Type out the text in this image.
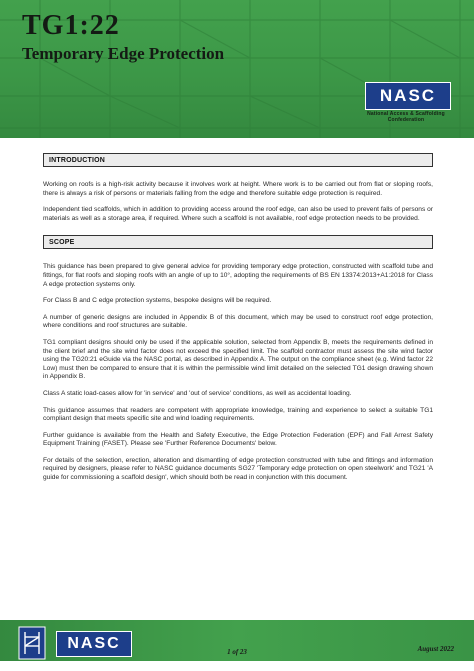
TG1:22
Temporary Edge Protection
NASC
National Access & Scaffolding
Confederation
INTRODUCTION

Working on roofs is a high-risk activity because it involves work at height. Where work is to be carried out from flat or sloping roofs, there is always a risk of persons or materials falling from the edge and therefore suitable edge protection is required.

Independent tied scaffolds, which in addition to providing access around the roof edge, can also be used to prevent falls of persons or materials as well as a storage area, if required. Where such a scaffold is not available, roof edge protection needs to be provided.

SCOPE

This guidance has been prepared to give general advice for providing temporary edge protection, constructed with scaffold tube and fittings, for flat roofs and sloping roofs with an angle of up to 10°, adopting the requirements of BS EN 13374:2013+A1:2018 for Class A edge protection systems only.

For Class B and C edge protection systems, bespoke designs will be required.

A number of generic designs are included in Appendix B of this document, which may be used to construct roof edge protection, where conditions and roof structures are suitable.

TG1 compliant designs should only be used if the applicable solution, selected from Appendix B, meets the requirements defined in the client brief and the site wind factor does not exceed the specified limit. The scaffold contractor must assess the site wind factor using the TG20:21 eGuide via the NASC portal, as described in Appendix A. The output on the compliance sheet (e.g. Wind factor 22 Low) must then be compared to ensure that it is within the permissible wind limit detailed on the selected TG1 design drawing shown in Appendix B.

Class A static load-cases allow for 'in service' and 'out of service' conditions, as well as accidental loading.

This guidance assumes that readers are competent with appropriate knowledge, training and experience to select a suitable TG1 compliant design that meets specific site and wind loading requirements.

Further guidance is available from the Health and Safety Executive, the Edge Protection Federation (EPF) and Fall Arrest Safety Equipment Training (FASET). Please see 'Further Reference Documents' below.

For details of the selection, erection, alteration and dismantling of edge protection constructed with tube and fittings and information required by designers, please refer to NASC guidance documents SG27 'Temporary edge protection on open steelwork' and TG21 'A guide for commissioning a scaffold design', which should both be read in conjunction with this document.

NASC	1 of 23	August 2022
